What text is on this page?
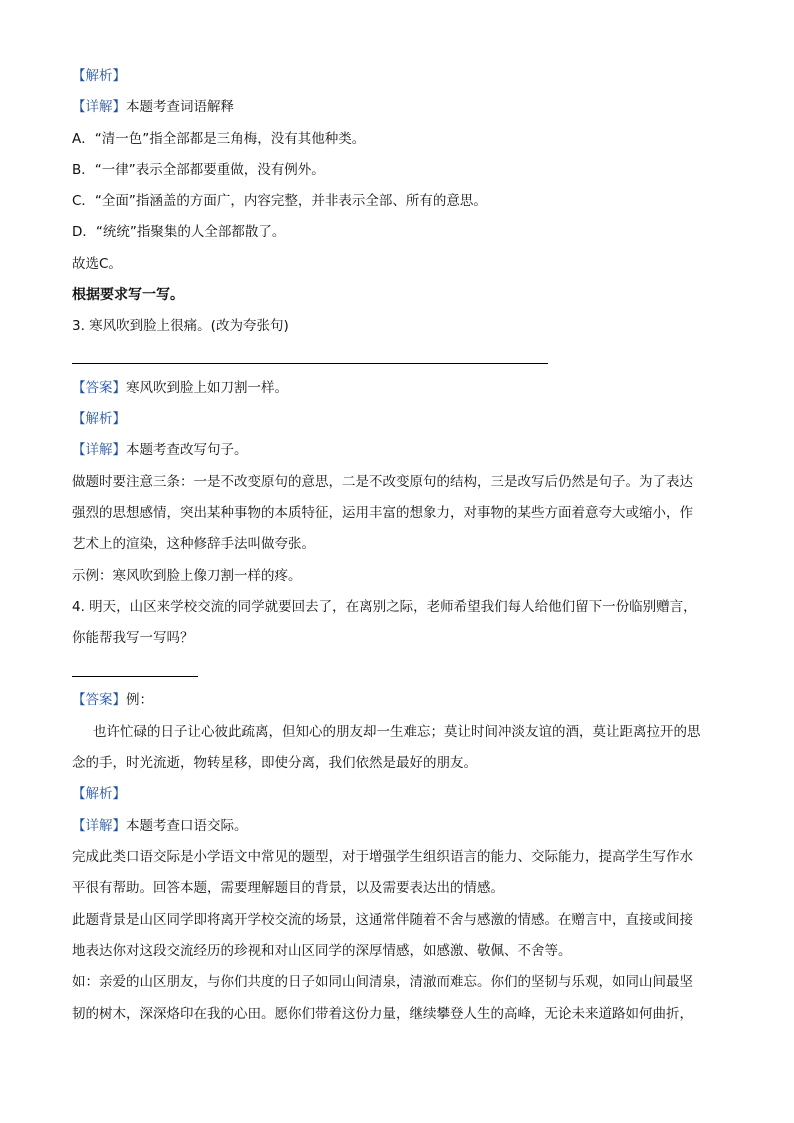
【解析】
【详解】本题考查词语解释
A．“清一色”指全部都是三角梅，没有其他种类。
B．“一律”表示全部都要重做，没有例外。
C．“全面”指涵盖的方面广，内容完整，并非表示全部、所有的意思。
D．“统统”指聚集的人全部都散了。
故选C。
根据要求写一写。
3. 寒风吹到脸上很痛。(改为夸张句)
【答案】寒风吹到脸上如刀割一样。
【解析】
【详解】本题考查改写句子。
做题时要注意三条：一是不改变原句的意思，二是不改变原句的结构，三是改写后仍然是句子。为了表达
强烈的思想感情，突出某种事物的本质特征，运用丰富的想象力，对事物的某些方面着意夸大或缩小，作
艺术上的渲染，这种修辞手法叫做夸张。
示例：寒风吹到脸上像刀割一样的疼。
4. 明天，山区来学校交流的同学就要回去了，在离别之际，老师希望我们每人给他们留下一份临别赠言，
你能帮我写一写吗？
【答案】例：
也许忙碌的日子让心彼此疏离，但知心的朋友却一生难忘；莫让时间冲淡友谊的酒，莫让距离拉开的思
念的手，时光流逝，物转星移，即使分离，我们依然是最好的朋友。
【解析】
【详解】本题考查口语交际。
完成此类口语交际是小学语文中常见的题型，对于增强学生组织语言的能力、交际能力，提高学生写作水
平很有帮助。回答本题，需要理解题目的背景，以及需要表达出的情感。
此题背景是山区同学即将离开学校交流的场景，这通常伴随着不舍与感激的情感。在赠言中，直接或间接
地表达你对这段交流经历的珍视和对山区同学的深厚情感，如感激、敬佩、不舍等。
如：亲爱的山区朋友，与你们共度的日子如同山间清泉，清澈而难忘。你们的坚韧与乐观，如同山间最坚
韧的树木，深深烙印在我的心田。愿你们带着这份力量，继续攀登人生的高峰，无论未来道路如何曲折，
